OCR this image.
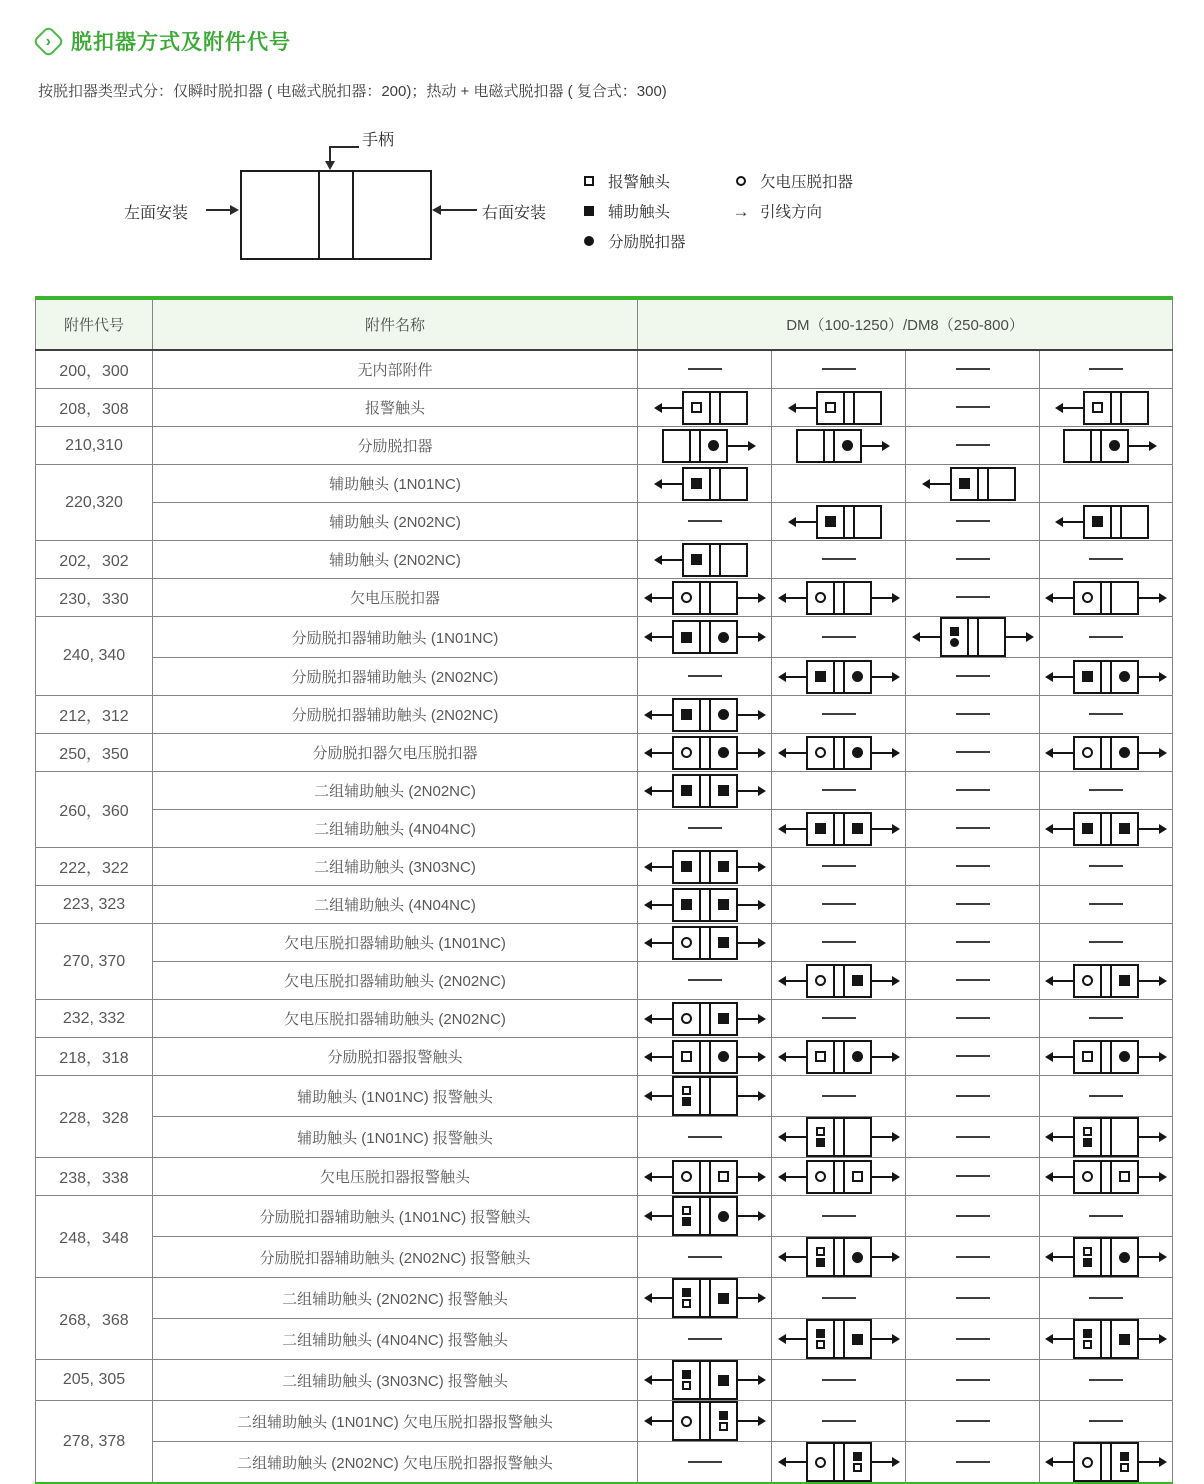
› 脱扣器方式及附件代号

按脱扣器类型式分：仅瞬时脱扣器 ( 电磁式脱扣器：200)；热动 + 电磁式脱扣器 ( 复合式：300)

手柄
左面安装	右面安装
报警触头
辅助触头
分励脱扣器
欠电压脱扣器
→ 引线方向
附件代号	附件名称	DM（100-1250）/DM8（250-800）			
200，300	无内部附件				
208，308	报警触头	

210,310	分励脱扣器	

220,320	辅助触头 (1N01NC)	

	辅助触头 (2N02NC)		

202，302	辅助触头 (2N02NC)	

230，330	欠电压脱扣器	

240, 340	分励脱扣器辅助触头 (1N01NC)	

	分励脱扣器辅助触头 (2N02NC)		

212，312	分励脱扣器辅助触头 (2N02NC)	

250，350	分励脱扣器欠电压脱扣器	

260，360	二组辅助触头 (2N02NC)	

	二组辅助触头 (4N04NC)		

222，322	二组辅助触头 (3N03NC)	

223, 323	二组辅助触头 (4N04NC)	

270, 370	欠电压脱扣器辅助触头 (1N01NC)	

	欠电压脱扣器辅助触头 (2N02NC)		

232, 332	欠电压脱扣器辅助触头 (2N02NC)	

218，318	分励脱扣器报警触头	

228，328	辅助触头 (1N01NC) 报警触头	

	辅助触头 (1N01NC) 报警触头		

238，338	欠电压脱扣器报警触头	

248，348	分励脱扣器辅助触头 (1N01NC) 报警触头	

	分励脱扣器辅助触头 (2N02NC) 报警触头		

268，368	二组辅助触头 (2N02NC) 报警触头	

	二组辅助触头 (4N04NC) 报警触头		

205, 305	二组辅助触头 (3N03NC) 报警触头	

278, 378	二组辅助触头 (1N01NC) 欠电压脱扣器报警触头	

	二组辅助触头 (2N02NC) 欠电压脱扣器报警触头		
